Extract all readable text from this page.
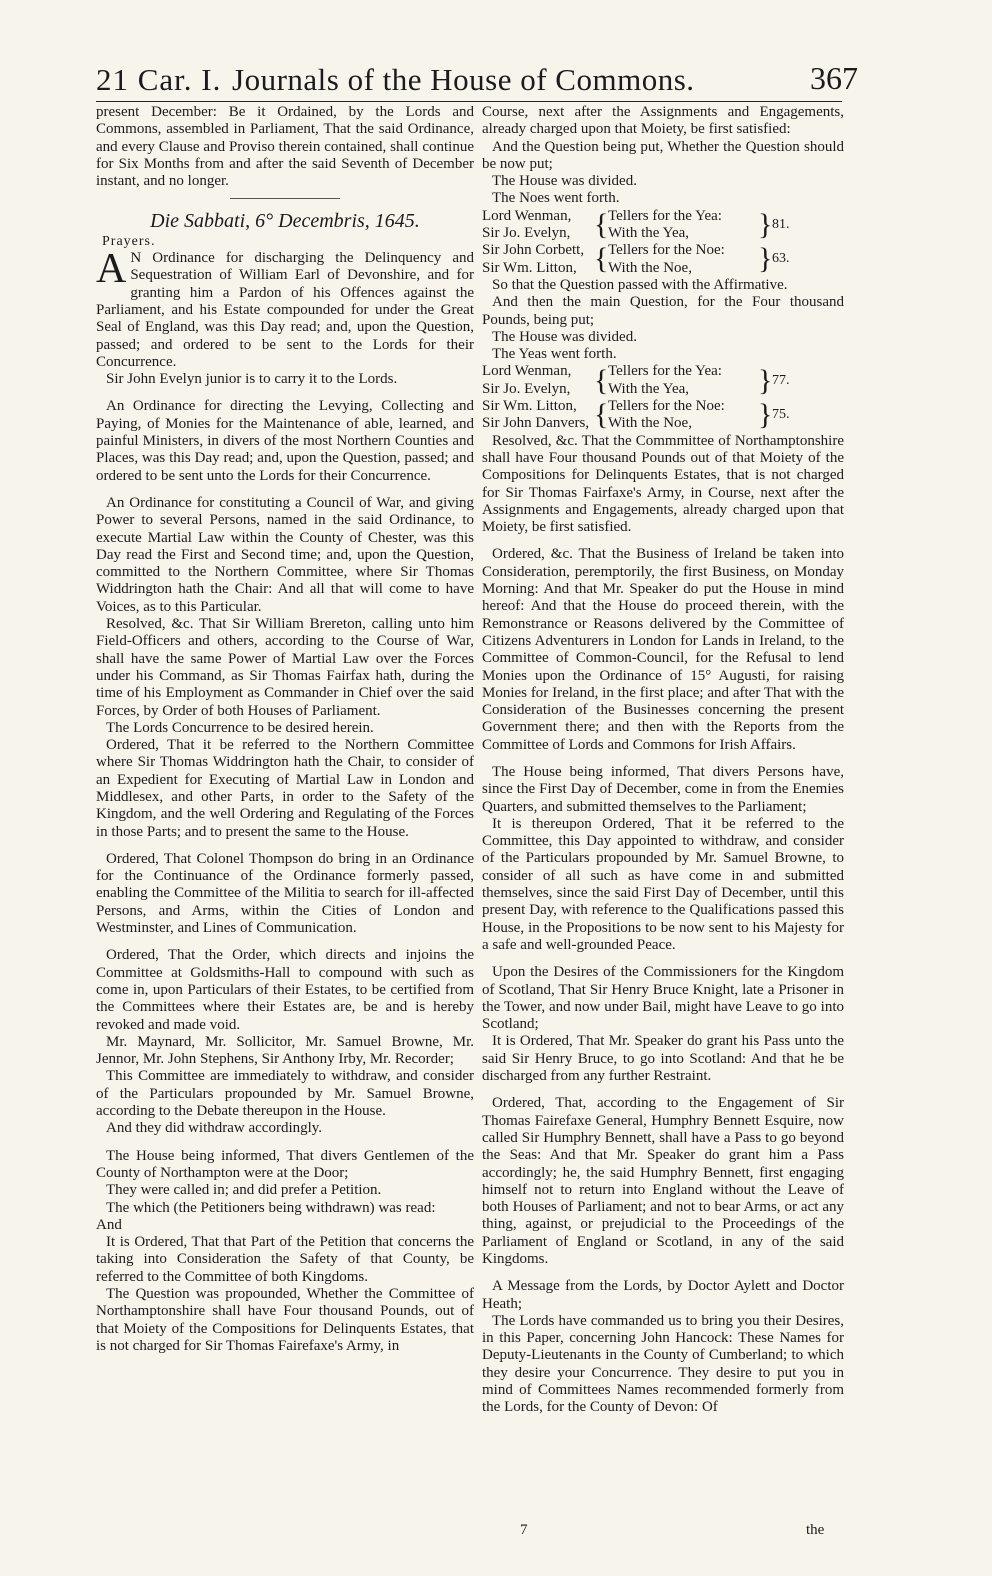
21 Car. I. Journals of the House of Commons.	367

present December: Be it Ordained, by the Lords and Commons, assembled in Parliament, That the said Ordinance, and every Clause and Proviso therein contained, shall continue for Six Months from and after the said Seventh of December instant, and no longer.

Die Sabbati, 6° Decembris, 1645.
Prayers.

A N Ordinance for discharging the Delinquency and Sequestration of William Earl of Devonshire, and for granting him a Pardon of his Offences against the Parliament, and his Estate compounded for under the Great Seal of England, was this Day read; and, upon the Question, passed; and ordered to be sent to the Lords for their Concurrence.

Sir John Evelyn junior is to carry it to the Lords.

An Ordinance for directing the Levying, Collecting and Paying, of Monies for the Maintenance of able, learned, and painful Ministers, in divers of the most Northern Counties and Places, was this Day read; and, upon the Question, passed; and ordered to be sent unto the Lords for their Concurrence.

An Ordinance for constituting a Council of War, and giving Power to several Persons, named in the said Ordinance, to execute Martial Law within the County of Chester, was this Day read the First and Second time; and, upon the Question, committed to the Northern Committee, where Sir Thomas Widdrington hath the Chair: And all that will come to have Voices, as to this Particular.

Resolved, &c. That Sir William Brereton, calling unto him Field-Officers and others, according to the Course of War, shall have the same Power of Martial Law over the Forces under his Command, as Sir Thomas Fairfax hath, during the time of his Employment as Commander in Chief over the said Forces, by Order of both Houses of Parliament.

The Lords Concurrence to be desired herein.

Ordered, That it be referred to the Northern Committee where Sir Thomas Widdrington hath the Chair, to consider of an Expedient for Executing of Martial Law in London and Middlesex, and other Parts, in order to the Safety of the Kingdom, and the well Ordering and Regulating of the Forces in those Parts; and to present the same to the House.

Ordered, That Colonel Thompson do bring in an Ordinance for the Continuance of the Ordinance formerly passed, enabling the Committee of the Militia to search for ill-affected Persons, and Arms, within the Cities of London and Westminster, and Lines of Communication.

Ordered, That the Order, which directs and injoins the Committee at Goldsmiths-Hall to compound with such as come in, upon Particulars of their Estates, to be certified from the Committees where their Estates are, be and is hereby revoked and made void.

Mr. Maynard, Mr. Sollicitor, Mr. Samuel Browne, Mr. Jennor, Mr. John Stephens, Sir Anthony Irby, Mr. Recorder;

This Committee are immediately to withdraw, and consider of the Particulars propounded by Mr. Samuel Browne, according to the Debate thereupon in the House.

And they did withdraw accordingly.

The House being informed, That divers Gentlemen of the County of Northampton were at the Door;

They were called in; and did prefer a Petition.

The which (the Petitioners being withdrawn) was read:

And

It is Ordered, That that Part of the Petition that concerns the taking into Consideration the Safety of that County, be referred to the Committee of both Kingdoms.

The Question was propounded, Whether the Committee of Northamptonshire shall have Four thousand Pounds, out of that Moiety of the Compositions for Delinquents Estates, that is not charged for Sir Thomas Fairefaxe's Army, in

Course, next after the Assignments and Engagements, already charged upon that Moiety, be first satisfied:

And the Question being put, Whether the Question should be now put;

The House was divided.

The Noes went forth.

Lord Wenman,
Sir Jo. Evelyn,
Sir John Corbett,
Sir Wm. Litton,
{
{
Tellers for the Yea:
With the Yea,
Tellers for the Noe:
With the Noe,
}
}
81.
63.

So that the Question passed with the Affirmative.

And then the main Question, for the Four thousand Pounds, being put;

The House was divided.

The Yeas went forth.

Lord Wenman,
Sir Jo. Evelyn,
Sir Wm. Litton,
Sir John Danvers,
{
{
Tellers for the Yea:
With the Yea,
Tellers for the Noe:
With the Noe,
}
}
77.
75.

Resolved, &c. That the Commmittee of Northamptonshire shall have Four thousand Pounds out of that Moiety of the Compositions for Delinquents Estates, that is not charged for Sir Thomas Fairfaxe's Army, in Course, next after the Assignments and Engagements, already charged upon that Moiety, be first satisfied.

Ordered, &c. That the Business of Ireland be taken into Consideration, peremptorily, the first Business, on Monday Morning: And that Mr. Speaker do put the House in mind hereof: And that the House do proceed therein, with the Remonstrance or Reasons delivered by the Committee of Citizens Adventurers in London for Lands in Ireland, to the Committee of Common-Council, for the Refusal to lend Monies upon the Ordinance of 15° Augusti, for raising Monies for Ireland, in the first place; and after That with the Consideration of the Businesses concerning the present Government there; and then with the Reports from the Committee of Lords and Commons for Irish Affairs.

The House being informed, That divers Persons have, since the First Day of December, come in from the Enemies Quarters, and submitted themselves to the Parliament;

It is thereupon Ordered, That it be referred to the Committee, this Day appointed to withdraw, and consider of the Particulars propounded by Mr. Samuel Browne, to consider of all such as have come in and submitted themselves, since the said First Day of December, until this present Day, with reference to the Qualifications passed this House, in the Propositions to be now sent to his Majesty for a safe and well-grounded Peace.

Upon the Desires of the Commissioners for the Kingdom of Scotland, That Sir Henry Bruce Knight, late a Prisoner in the Tower, and now under Bail, might have Leave to go into Scotland;

It is Ordered, That Mr. Speaker do grant his Pass unto the said Sir Henry Bruce, to go into Scotland: And that he be discharged from any further Restraint.

Ordered, That, according to the Engagement of Sir Thomas Fairefaxe General, Humphry Bennett Esquire, now called Sir Humphry Bennett, shall have a Pass to go beyond the Seas: And that Mr. Speaker do grant him a Pass accordingly; he, the said Humphry Bennett, first engaging himself not to return into England without the Leave of both Houses of Parliament; and not to bear Arms, or act any thing, against, or prejudicial to the Proceedings of the Parliament of England or Scotland, in any of the said Kingdoms.

A Message from the Lords, by Doctor Aylett and Doctor Heath;

The Lords have commanded us to bring you their Desires, in this Paper, concerning John Hancock: These Names for Deputy-Lieutenants in the County of Cumberland; to which they desire your Concurrence. They desire to put you in mind of Committees Names recommended formerly from the Lords, for the County of Devon: Of

7	the
